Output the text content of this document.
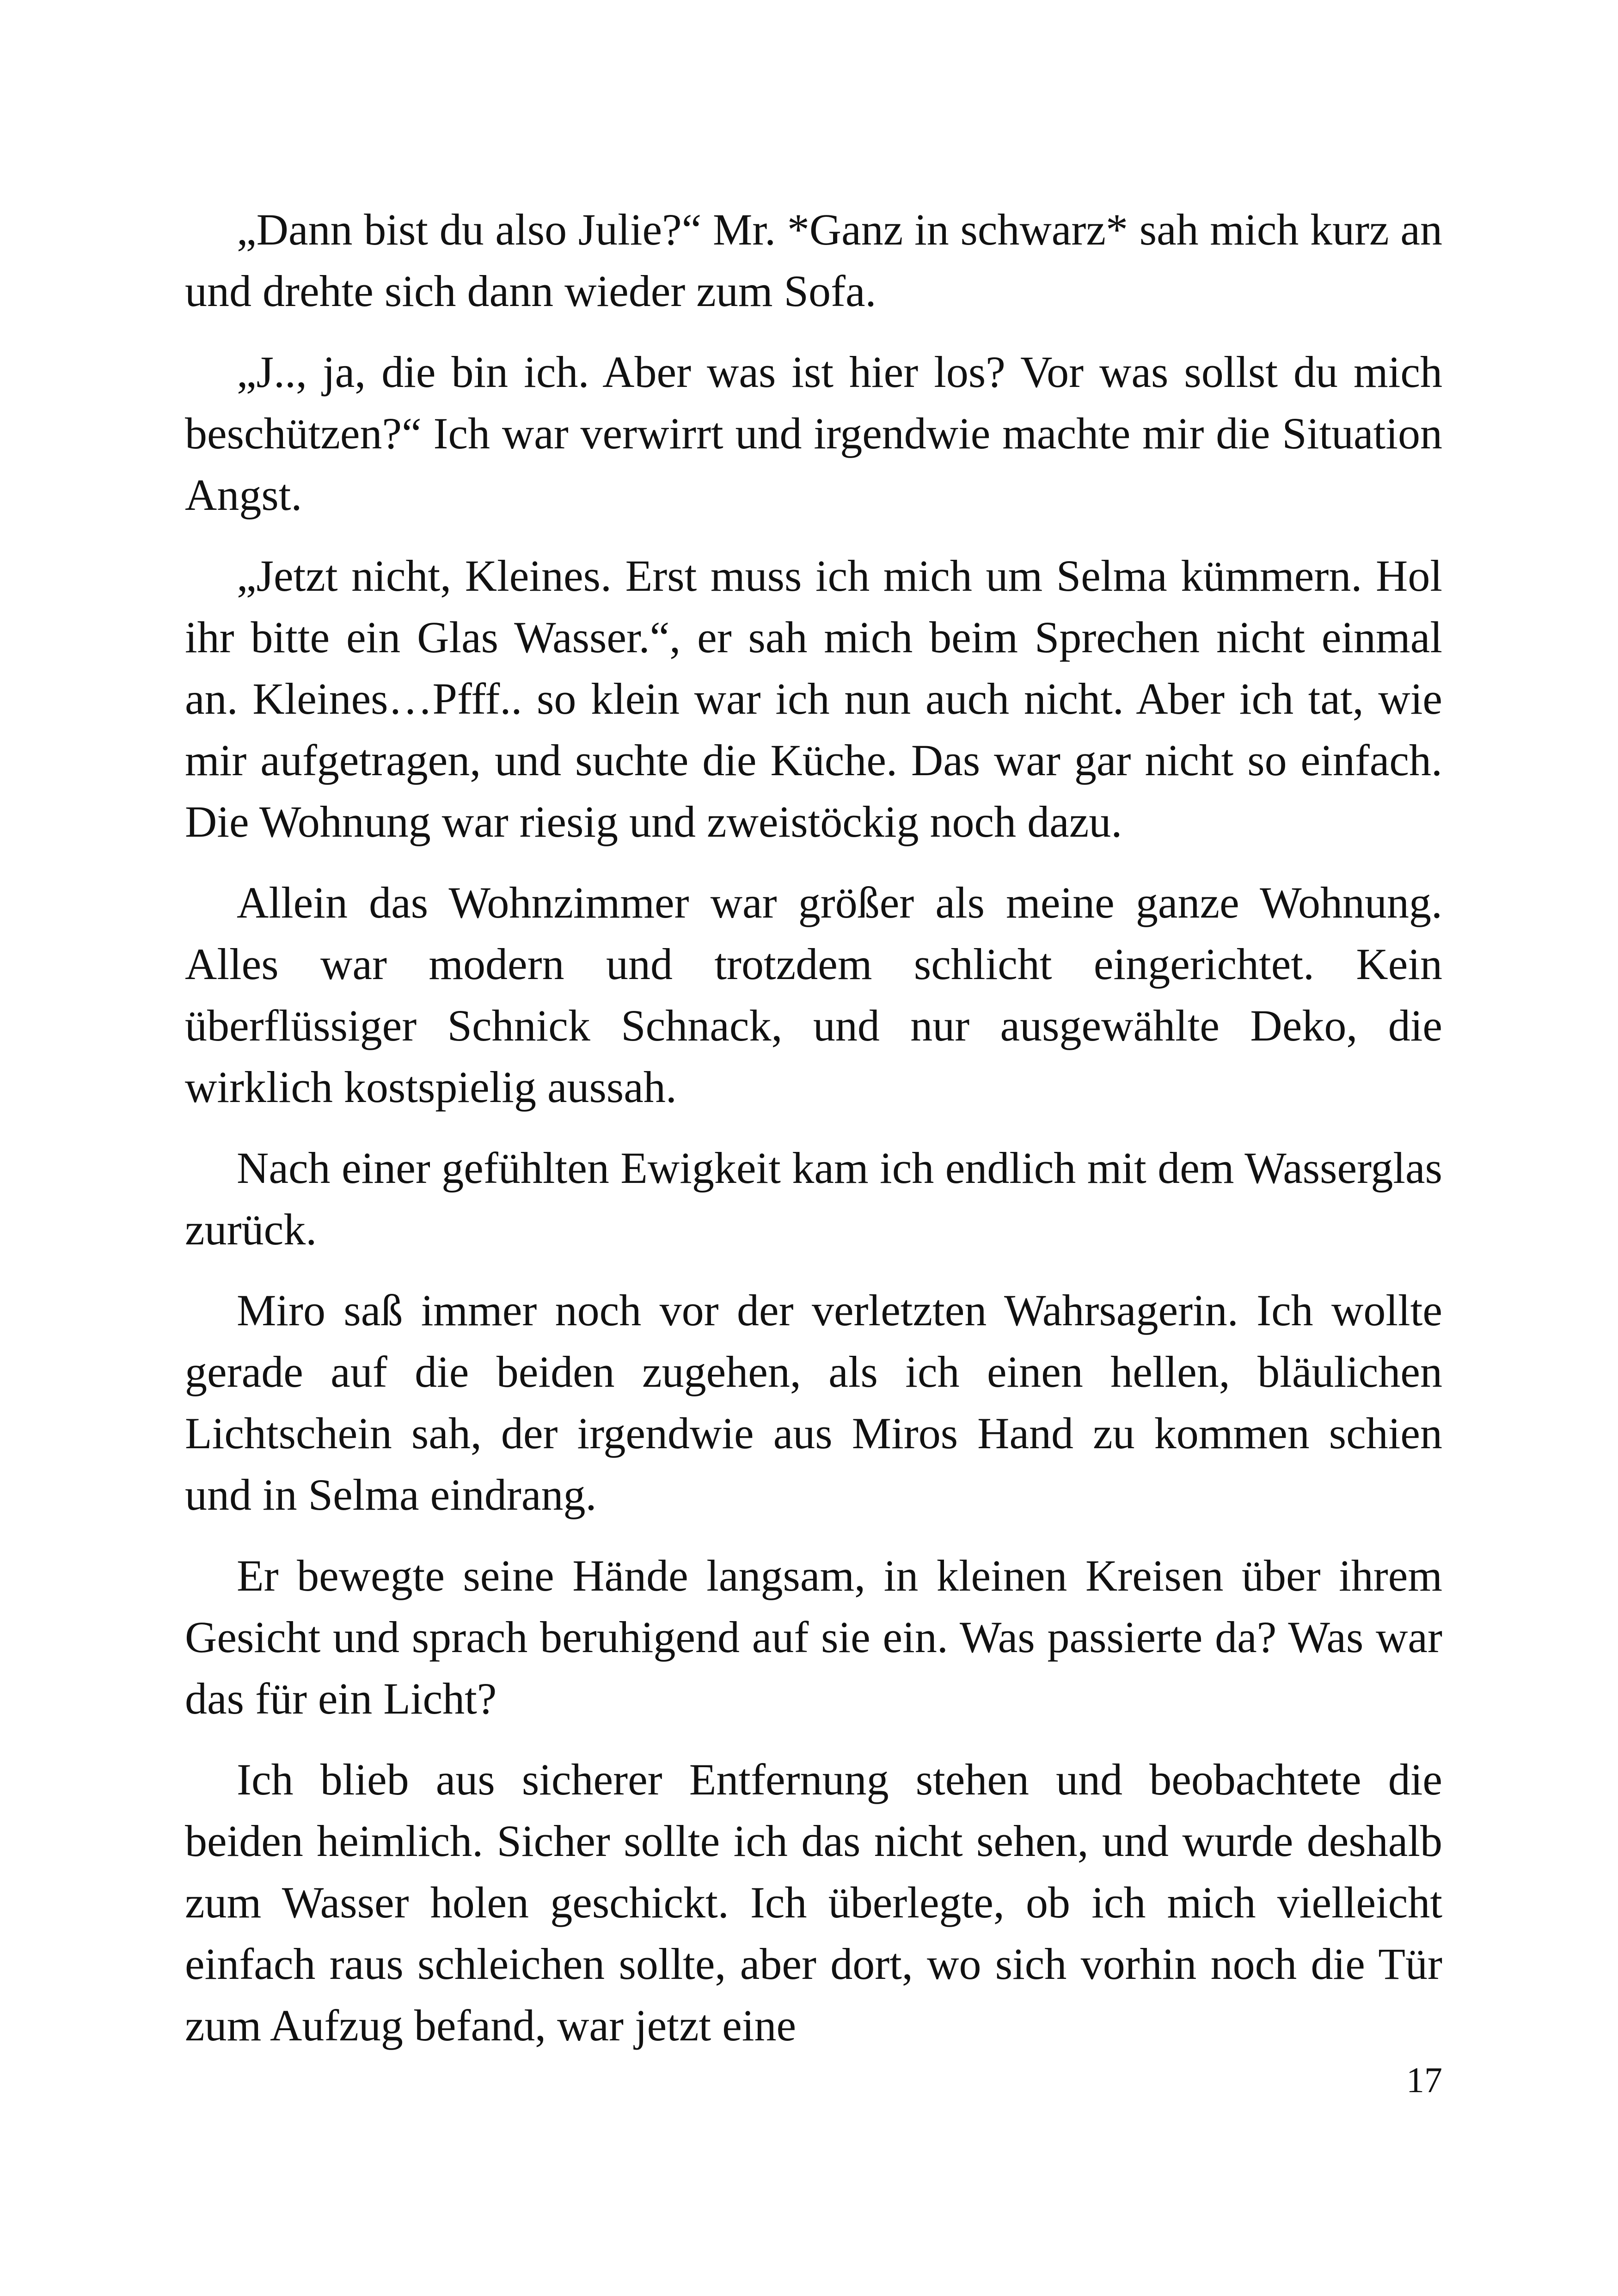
„Dann bist du also Julie?“ Mr. *Ganz in schwarz* sah mich kurz an und drehte sich dann wieder zum Sofa.

„J.., ja, die bin ich. Aber was ist hier los? Vor was sollst du mich beschützen?“ Ich war verwirrt und irgendwie machte mir die Situation Angst.

„Jetzt nicht, Kleines. Erst muss ich mich um Selma kümmern. Hol ihr bitte ein Glas Wasser.“, er sah mich beim Sprechen nicht einmal an. Kleines…Pfff.. so klein war ich nun auch nicht. Aber ich tat, wie mir aufgetragen, und suchte die Küche. Das war gar nicht so einfach. Die Wohnung war riesig und zweistöckig noch dazu.

Allein das Wohnzimmer war größer als meine ganze Wohnung. Alles war modern und trotzdem schlicht eingerichtet. Kein überflüssiger Schnick Schnack, und nur ausgewählte Deko, die wirklich kostspielig aussah.

Nach einer gefühlten Ewigkeit kam ich endlich mit dem Wasserglas zurück.

Miro saß immer noch vor der verletzten Wahrsagerin. Ich wollte gerade auf die beiden zugehen, als ich einen hellen, bläulichen Lichtschein sah, der irgendwie aus Miros Hand zu kommen schien und in Selma eindrang.

Er bewegte seine Hände langsam, in kleinen Kreisen über ihrem Gesicht und sprach beruhigend auf sie ein. Was passierte da? Was war das für ein Licht?

Ich blieb aus sicherer Entfernung stehen und beobachtete die beiden heimlich. Sicher sollte ich das nicht sehen, und wurde deshalb zum Wasser holen geschickt. Ich überlegte, ob ich mich vielleicht einfach raus schleichen sollte, aber dort, wo sich vorhin noch die Tür zum Aufzug befand, war jetzt eine

17
